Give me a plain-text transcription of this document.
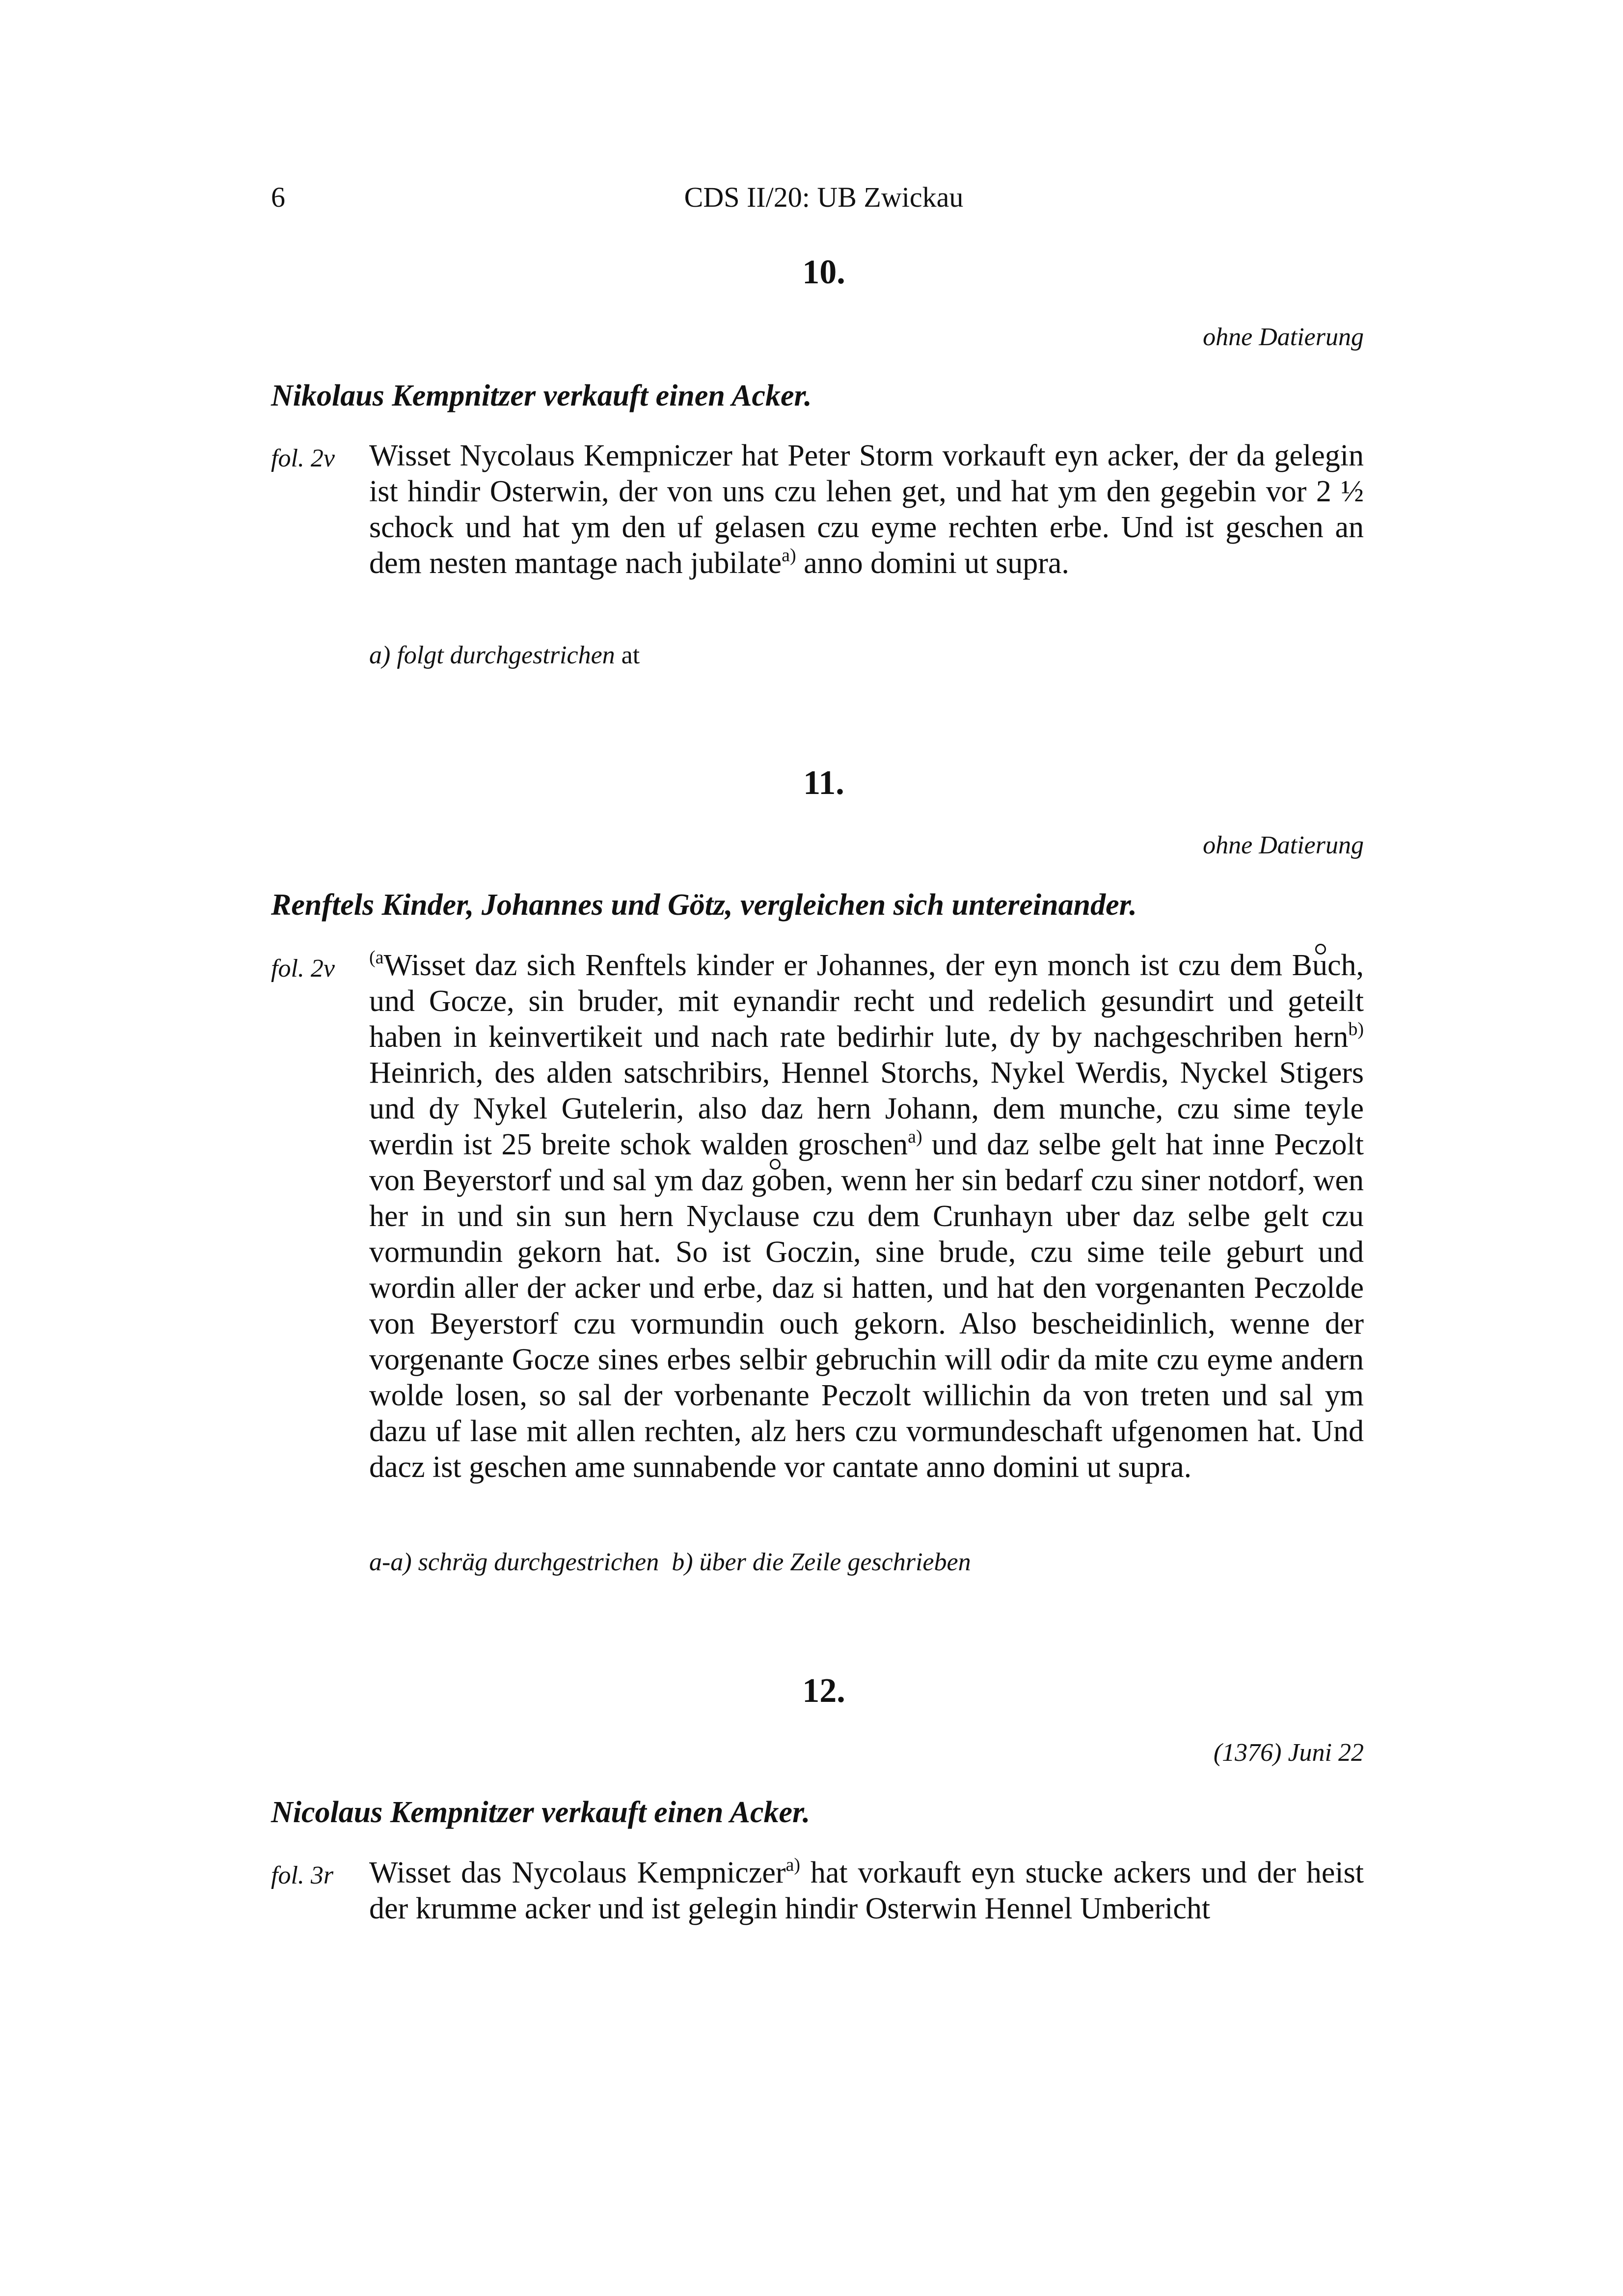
6	CDS II/20: UB Zwickau
10.
ohne Datierung
Nikolaus Kempnitzer verkauft einen Acker.
fol. 2v Wisset Nycolaus Kempniczer hat Peter Storm vorkauft eyn acker, der da gelegin ist hindir Osterwin, der von uns czu lehen get, und hat ym den gegebin vor 2 ½ schock und hat ym den uf gelasen czu eyme rechten erbe. Und ist geschen an dem nesten mantage nach jubilate$^{a)}$ anno domini ut supra.
a) folgt durchgestrichen at
11.
ohne Datierung
Renftels Kinder, Johannes und Götz, vergleichen sich untereinander.
fol. 2v $^{(a}$Wisset daz sich Renftels kinder er Johannes, der eyn monch ist czu dem Buch, und Gocze, sin bruder, mit eynandir recht und redelich gesundirt und geteilt haben in keinvertikeit und nach rate bedirhir lute, dy by nachgeschriben hern$^{b)}$ Heinrich, des alden satschribirs, Hennel Storchs, Nykel Werdis, Nyckel Stigers und dy Nykel Gutelerin, also daz hern Johann, dem munche, czu sime teyle werdin ist 25 breite schok walden groschen$^{a)}$ und daz selbe gelt hat inne Peczolt von Beyerstorf und sal ym daz goben, wenn her sin bedarf czu siner notdorf, wen her in und sin sun hern Nyclause czu dem Crunhayn uber daz selbe gelt czu vormundin gekorn hat. So ist Goczin, sine brude, czu sime teile geburt und wordin aller der acker und erbe, daz si hatten, und hat den vorgenanten Peczolde von Beyerstorf czu vormundin ouch gekorn. Also bescheidinlich, wenne der vorgenante Gocze sines erbes selbir gebruchin will odir da mite czu eyme andern wolde losen, so sal der vorbenante Peczolt willichin da von treten und sal ym dazu uf lase mit allen rechten, alz hers czu vormundeschaft ufgenomen hat. Und dacz ist geschen ame sunnabende vor cantate anno domini ut supra.
a-a) schräg durchgestrichen b) über die Zeile geschrieben
12.
(1376) Juni 22
Nicolaus Kempnitzer verkauft einen Acker.
fol. 3r Wisset das Nycolaus Kempniczer$^{a)}$ hat vorkauft eyn stucke ackers und der heist der krumme acker und ist gelegin hindir Osterwin Hennel Umbericht
